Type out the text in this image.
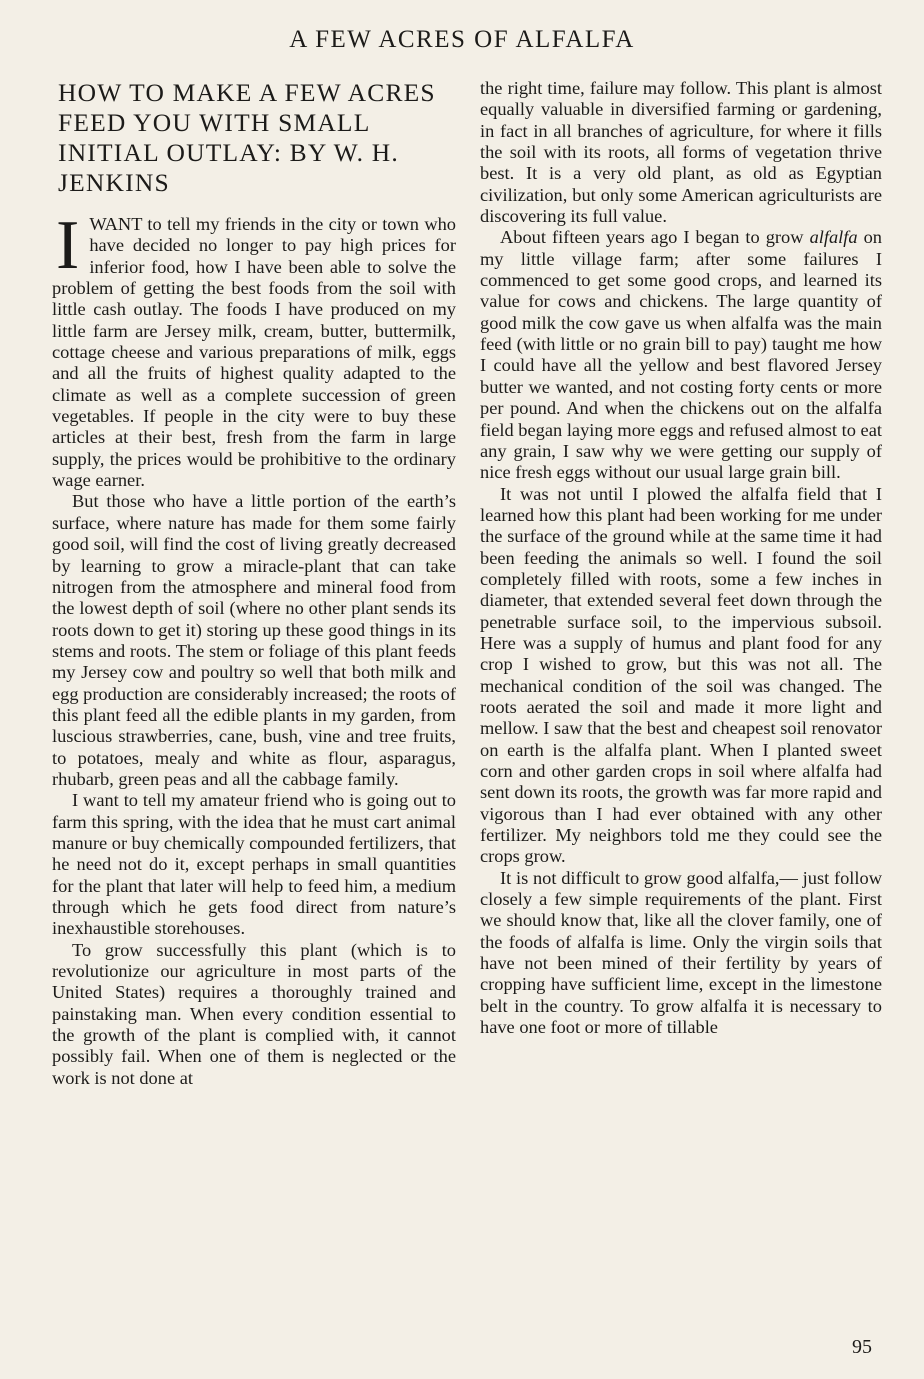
A FEW ACRES OF ALFALFA
HOW TO MAKE A FEW ACRES FEED YOU WITH SMALL INITIAL OUTLAY: BY W. H. JENKINS

IWANT to tell my friends in the city or town who have decided no longer to pay high prices for inferior food, how I have been able to solve the problem of getting the best foods from the soil with little cash outlay. The foods I have produced on my little farm are Jersey milk, cream, butter, buttermilk, cottage cheese and various preparations of milk, eggs and all the fruits of highest quality adapted to the climate as well as a complete succession of green vegetables. If people in the city were to buy these articles at their best, fresh from the farm in large supply, the prices would be prohibitive to the ordinary wage earner.

But those who have a little portion of the earth’s surface, where nature has made for them some fairly good soil, will find the cost of living greatly decreased by learning to grow a miracle-plant that can take nitrogen from the atmosphere and mineral food from the lowest depth of soil (where no other plant sends its roots down to get it) storing up these good things in its stems and roots. The stem or foliage of this plant feeds my Jersey cow and poultry so well that both milk and egg production are considerably increased; the roots of this plant feed all the edible plants in my garden, from luscious strawberries, cane, bush, vine and tree fruits, to potatoes, mealy and white as flour, asparagus, rhubarb, green peas and all the cabbage family.

I want to tell my amateur friend who is going out to farm this spring, with the idea that he must cart animal manure or buy chemically compounded fertilizers, that he need not do it, except perhaps in small quantities for the plant that later will help to feed him, a medium through which he gets food direct from nature’s inexhaustible storehouses.

To grow successfully this plant (which is to revolutionize our agriculture in most parts of the United States) requires a thoroughly trained and painstaking man. When every condition essential to the growth of the plant is complied with, it cannot possibly fail. When one of them is neglected or the work is not done at

the right time, failure may follow. This plant is almost equally valuable in diversified farming or gardening, in fact in all branches of agriculture, for where it fills the soil with its roots, all forms of vegetation thrive best. It is a very old plant, as old as Egyptian civilization, but only some American agriculturists are discovering its full value.

About fifteen years ago I began to grow alfalfa on my little village farm; after some failures I commenced to get some good crops, and learned its value for cows and chickens. The large quantity of good milk the cow gave us when alfalfa was the main feed (with little or no grain bill to pay) taught me how I could have all the yellow and best flavored Jersey butter we wanted, and not costing forty cents or more per pound. And when the chickens out on the alfalfa field began laying more eggs and refused almost to eat any grain, I saw why we were getting our supply of nice fresh eggs without our usual large grain bill.

It was not until I plowed the alfalfa field that I learned how this plant had been working for me under the surface of the ground while at the same time it had been feeding the animals so well. I found the soil completely filled with roots, some a few inches in diameter, that extended several feet down through the penetrable surface soil, to the impervious subsoil. Here was a supply of humus and plant food for any crop I wished to grow, but this was not all. The mechanical condition of the soil was changed. The roots aerated the soil and made it more light and mellow. I saw that the best and cheapest soil renovator on earth is the alfalfa plant. When I planted sweet corn and other garden crops in soil where alfalfa had sent down its roots, the growth was far more rapid and vigorous than I had ever obtained with any other fertilizer. My neighbors told me they could see the crops grow.

It is not difficult to grow good alfalfa,— just follow closely a few simple requirements of the plant. First we should know that, like all the clover family, one of the foods of alfalfa is lime. Only the virgin soils that have not been mined of their fertility by years of cropping have sufficient lime, except in the limestone belt in the country. To grow alfalfa it is necessary to have one foot or more of tillable

95
